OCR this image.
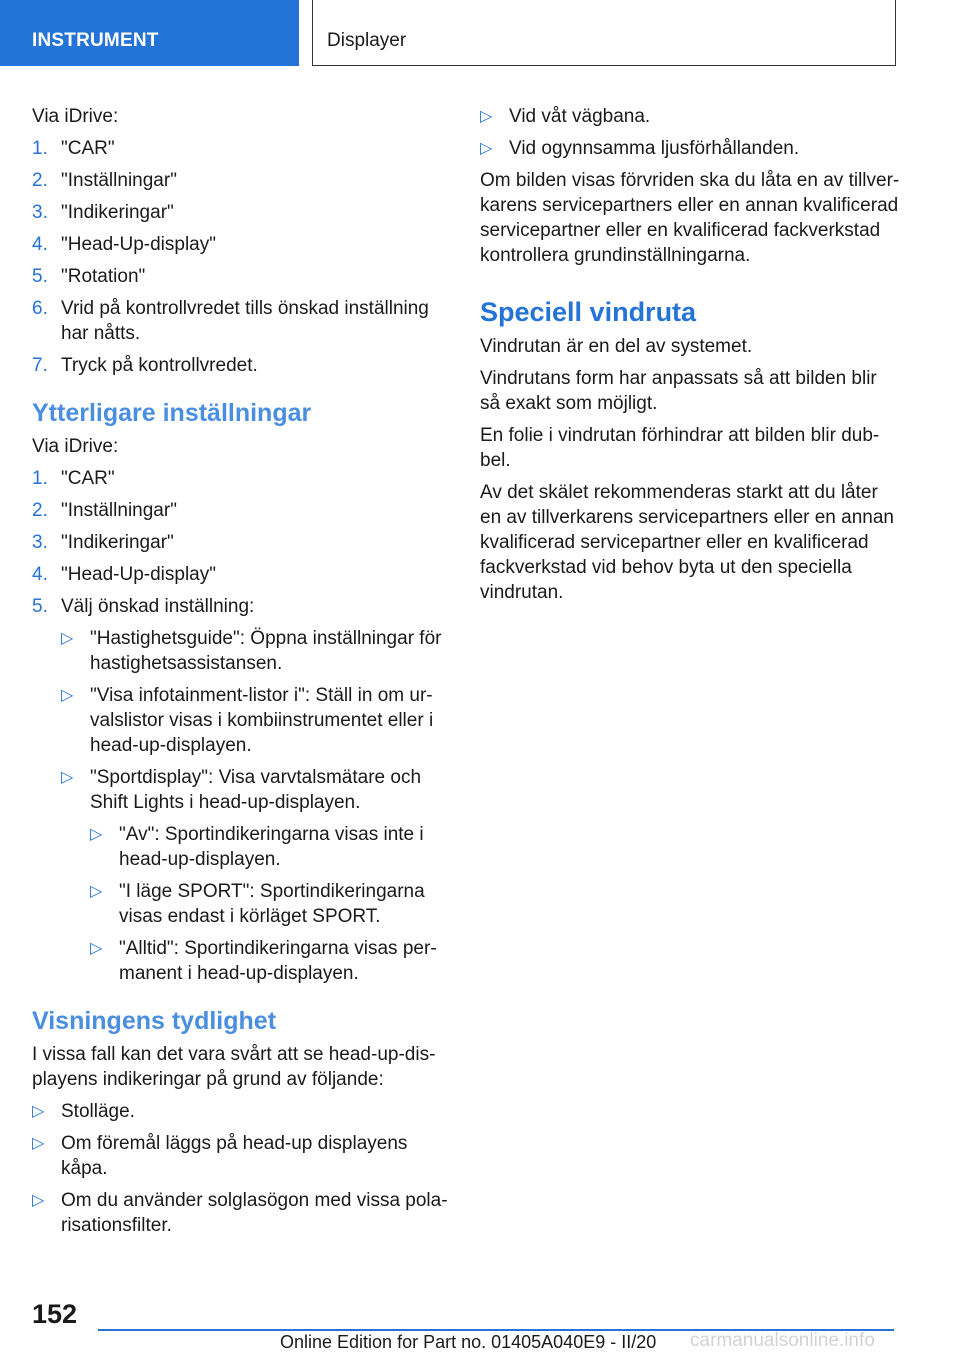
INSTRUMENT	Displayer

Via iDrive:

1. "CAR"
2. "Inställningar"
3. "Indikeringar"
4. "Head-Up-display"
5. "Rotation"
6. Vrid på kontrollvredet tills önskad inställning har nåtts.
7. Tryck på kontrollvredet.
Ytterligare inställningar

Via iDrive:

1. "CAR"
2. "Inställningar"
3. "Indikeringar"
4. "Head-Up-display"
5. Välj önskad inställning:
▷ "Hastighetsguide": Öppna inställningar för hastighetsassistansen.
▷ "Visa infotainment-listor i": Ställ in om urvalslistor visas i kombiinstrumentet eller i head-up-displayen.
▷ "Sportdisplay": Visa varvtalsmätare och Shift Lights i head-up-displayen.
▷ "Av": Sportindikeringarna visas inte i head-up-displayen.
▷ "I läge SPORT": Sportindikeringarna visas endast i körläget SPORT.
▷ "Alltid": Sportindikeringarna visas permanent i head-up-displayen.
Visningens tydlighet

I vissa fall kan det vara svårt att se head-up-displayens indikeringar på grund av följande:

▷ Stolläge.
▷ Om föremål läggs på head-up displayens kåpa.
▷ Om du använder solglasögon med vissa polarisationsfilter.
▷ Vid våt vägbana.
▷ Vid ogynnsamma ljusförhållanden.

Om bilden visas förvriden ska du låta en av tillverkarens servicepartners eller en annan kvalificerad servicepartner eller en kvalificerad fackverkstad kontrollera grundinställningarna.

Speciell vindruta

Vindrutan är en del av systemet.

Vindrutans form har anpassats så att bilden blir så exakt som möjligt.

En folie i vindrutan förhindrar att bilden blir dubbel.

Av det skälet rekommenderas starkt att du låter en av tillverkarens servicepartners eller en annan kvalificerad servicepartner eller en kvalificerad fackverkstad vid behov byta ut den speciella vindrutan.

152
Online Edition for Part no. 01405A040E9 - II/20 carmanualsonline.info
